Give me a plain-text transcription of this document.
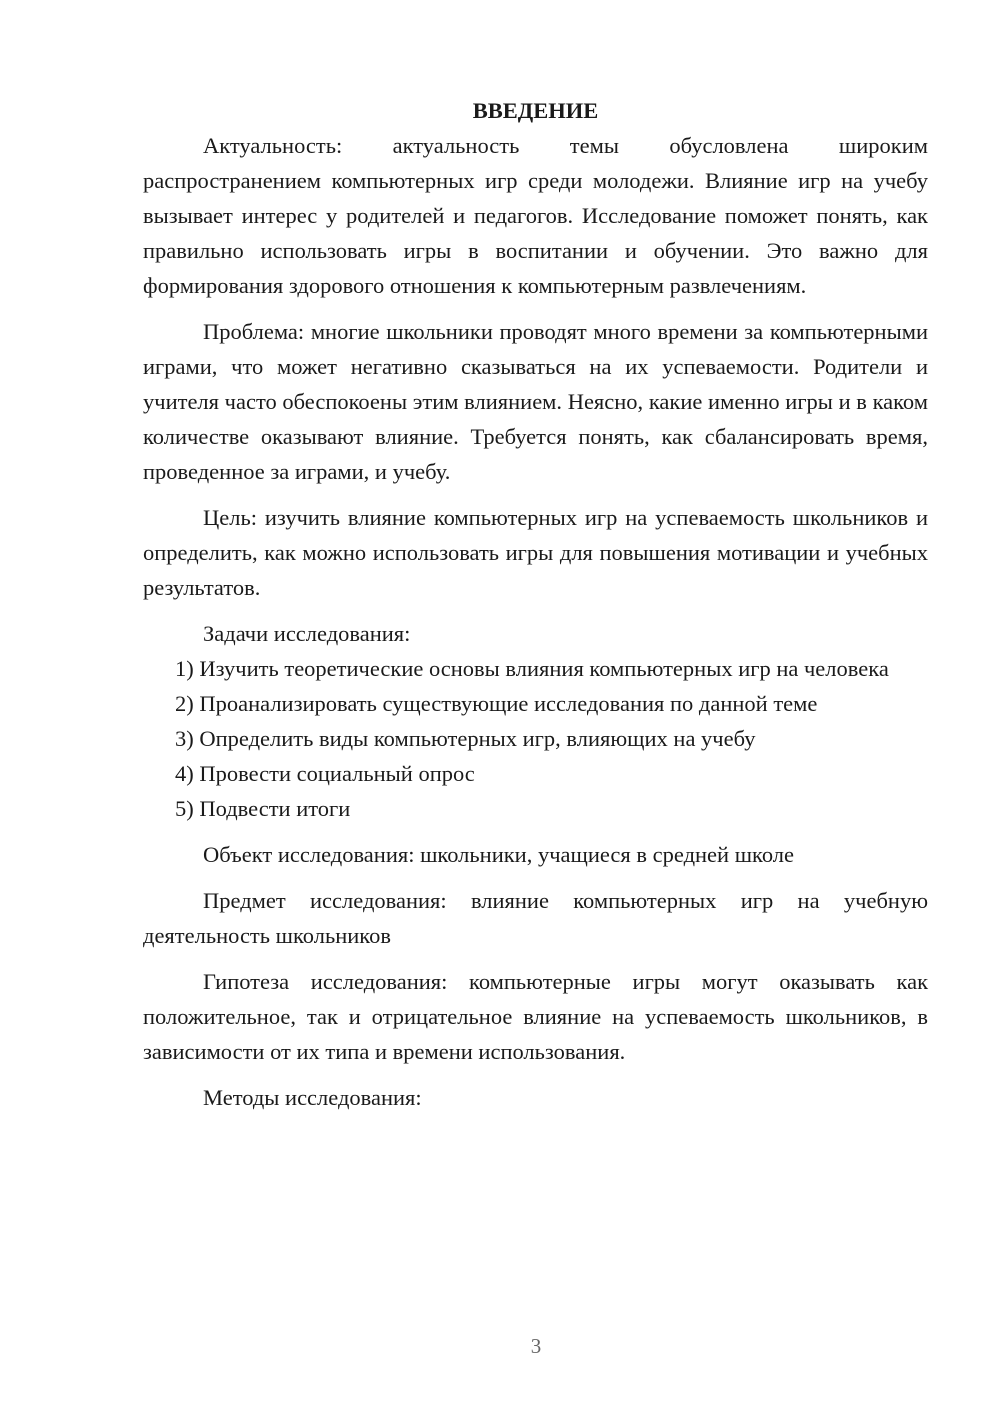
ВВЕДЕНИЕ

Актуальность: актуальность темы обусловлена широким распространением компьютерных игр среди молодежи. Влияние игр на учебу вызывает интерес у родителей и педагогов. Исследование поможет понять, как правильно использовать игры в воспитании и обучении. Это важно для формирования здорового отношения к компьютерным развлечениям.

Проблема: многие школьники проводят много времени за компьютерными играми, что может негативно сказываться на их успеваемости. Родители и учителя часто обеспокоены этим влиянием. Неясно, какие именно игры и в каком количестве оказывают влияние. Требуется понять, как сбалансировать время, проведенное за играми, и учебу.

Цель: изучить влияние компьютерных игр на успеваемость школьников и определить, как можно использовать игры для повышения мотивации и учебных результатов.

Задачи исследования:

1) Изучить теоретические основы влияния компьютерных игр на человека

2) Проанализировать существующие исследования по данной теме

3) Определить виды компьютерных игр, влияющих на учебу

4) Провести социальный опрос

5) Подвести итоги

Объект исследования: школьники, учащиеся в средней школе

Предмет исследования: влияние компьютерных игр на учебную деятельность школьников

Гипотеза исследования: компьютерные игры могут оказывать как положительное, так и отрицательное влияние на успеваемость школьников, в зависимости от их типа и времени использования.

Методы исследования:

3
